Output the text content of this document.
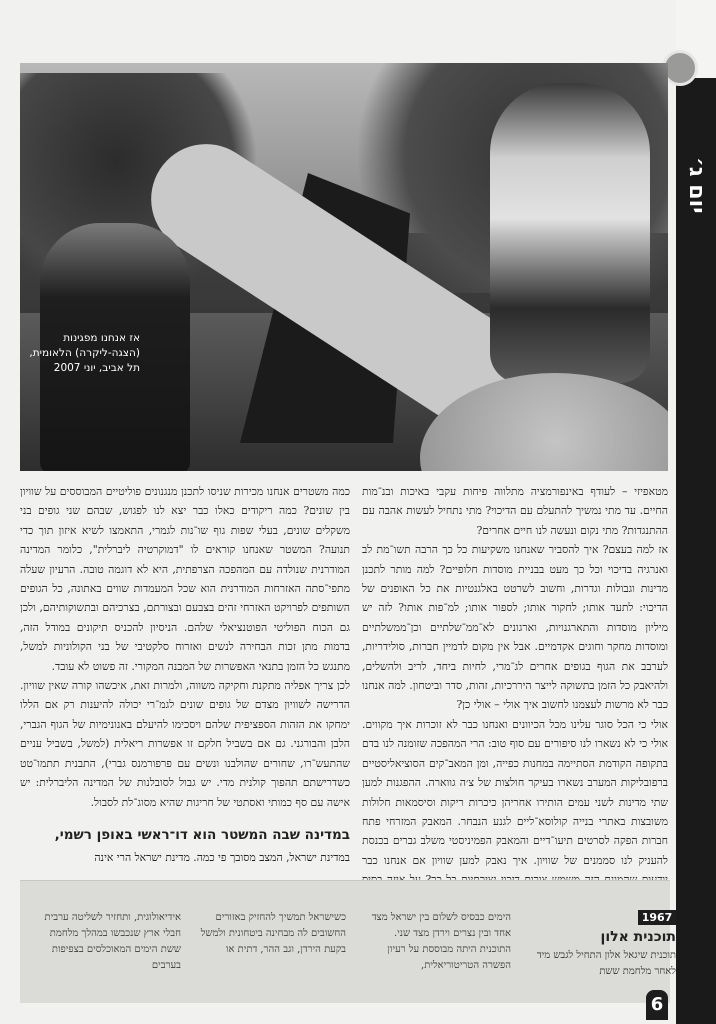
יום ג׳
אז אנחנו מפגינות (הצגה-ליקרה) הלאומית, תל אביב, יוני 2007

מטאפיזי – לעודף באינפורמציה מתלווה פיחות עקבי באיכות ובנ־מות החיים. עד מתי נמשיך להתעלם עם הדיכוי? מתי נתחיל לעשות אהבה עם ההתנגדות? מתי נקום ונעשה לנו חיים אחרים?

אז למה בעצם? איך להסביר שאנחנו משקיעות כל כך הרבה תשו־מת לב ואנרגיה בדיכוי וכל כך מעט בבניית מוסדות חלופיים? למה מותר לתכנן מדינות וגבולות וגדרות, וחשוב לשרטט באלגנטיות את כל האופנים של הדיכוי: לתעד אותו; לחקור אותו; לספור אותו; למ־פות אותו? לזה יש מיליון מוסדות והתארגנויות, וארגונים לא־ממ־שלתיים וכן־ממשלתיים ומוסדות מחקר וחוגים אקדמיים. אבל אין מקום לדמיין חברות, סולידריות, לערבב את הגוף בגופים אחרים לג־מרי, לחיות ביחד, לריב ולהשלים, ולהיאבק כל הזמן בתשוקה לייצר היררכיות, זהות, סדר וביטחון. למה אנחנו כבר לא מרשות לעצמנו לחשוב איך אולי – אולי כן?

אולי כי הכל סוגר עלינו מכל הכיוונים ואנחנו כבר לא זוכרות איך מקווים. אולי כי לא נשארו לנו סיפורים עם סוף טוב: הרי המהפכה שזומנה לנו בדם בתקופה הקודמת הסתיימה במחנות כפייה, ומן המאב־קים הסוציאליסטיים ברפובליקות המערב נשארו בעיקר חולצות של צ׳ה גווארה. ההפגנות למען שתי מדינות לשני עמים הותירו אחריהן כיכרות ריקות וסיסמאות חלולות משובצות באתרי בנייה קולוסא־ליים לגנע הנבחר. המאבק המזרחי פתח חברות הפקה לסרטים תיעו־דיים והמאבק הפמיניסטי משלב גברים בכנסת להעניק לנו סממנים של שוויון. איך נאבק למען שוויון אם אנחנו כבר

כמה משטרים אנחנו מכירות שניסו לתכנן מנגנונים פוליטיים המבוססים על שוויון בין שונים? כמה ריקודים כאלו כבר יצא לנו לפגוש, שבהם שני גופים בני משקלים שונים, בעלי שפות גוף שו־נות לגמרי, התאמצו לשיא איזון תוך כדי תנועה? המשטר שאנחנו קוראים לו "דמוקרטיה ליברלית", כלומר המדינה המודרנית שנולדה עם המהפכה הצרפתית, היא לא דוגמה טובה. הרעיון שעלה מתפי־סתה האזרחות המודרנית הוא שכל המעמדות שווים באתונה, כל הגופים השותפים לפרויקט האזרחי זהים בצבעם ובצורתם, בצרכיהם ובתשוקותיהם, ולכן גם הכוח הפוליטי הפוטנציאלי שלהם. הניסיון להכניס תיקונים במודל הזה, בדמות מתן זכות הבחירה לנשים ואזרוח סלקטיבי של בני הקולוניות למשל, מתנגש כל הזמן בתנאי האפשרות של המבנה המקורי. זה פשוט לא עובד.

לכן צריך אפליה מתקנת וחקיקה משווה, ולמרות זאת, איכשהו קורה שאין שוויון. הדרישה לשוויון מצדם של גופים שונים לגמ־רי יכולה להיענות רק אם הללו ימחקו את הזהות הספציפית שלהם ויסכימו להיעלם באנונימיות של הגוף הגברי, הלבן והבורגני. גם אם בשביל חלקם זו אפשרות ריאלית (למשל, בשביל עניים שהתעש־רו, שחורים שהולבנו ונשים עם פרפורמנס גברי), התבנית תתמו־טט כשדרישתם תהפוך קולנית מדי. יש גבול לסובלנות של המדינה הליברלית: יש אישה עם סף כמותי ואסתטי של חריגות שהיא מסוג־לת לסבול.

במדינה שבה המשטר הוא דו־ראשי באופן רשמי,
במדינת ישראל, המצב מסובך פי כמה. מדינת ישראל הרי אינה
1967
תוכנית אלון
תוכנית שיגאל אלון התחיל לגבש מיד לאחר מלחמת ששת
הימים כבסיס לשלום בין ישראל מצד אחד ובין נצרים וירדן מצד שני. התוכנית היתה מבוססת על רעיון הפשרה הטריטוריאלית,
כשישראל תמשיך להחזיק באזורים החשובים לה מבחינה ביטחונית ולמשל בקעת הירדן, וגב ההר, דתית או
אידיאולוגית, ותחזיר לשליטה ערבית חבלי ארץ שנכבשו במהלך מלחמת ששת הימים המאוכלסים בצפיפות בערבים
6
